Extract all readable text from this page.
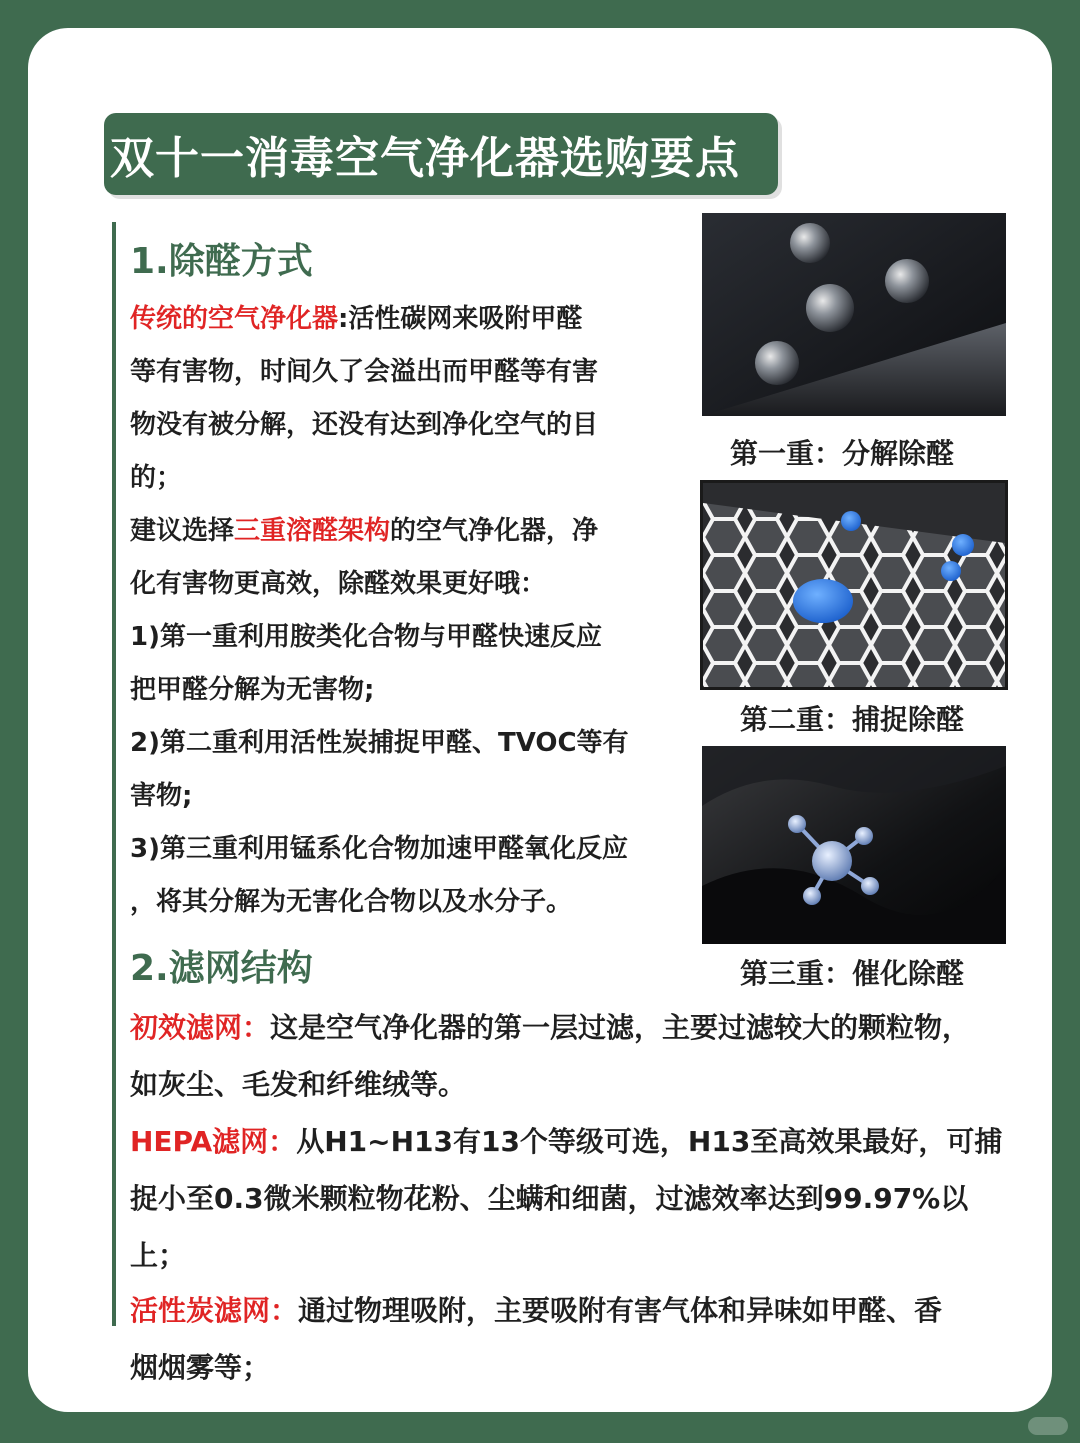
双十一消毒空气净化器选购要点
1.除醛方式
传统的空气净化器:活性碳网来吸附甲醛
等有害物，时间久了会溢出而甲醛等有害
物没有被分解，还没有达到净化空气的目
的；
建议选择三重溶醛架构的空气净化器，净
化有害物更高效，除醛效果更好哦：
1)第一重利用胺类化合物与甲醛快速反应
把甲醛分解为无害物;
2)第二重利用活性炭捕捉甲醛、TVOC等有
害物;
3)第三重利用锰系化合物加速甲醛氧化反应
，将其分解为无害化合物以及水分子。
第一重：分解除醛
第二重：捕捉除醛
第三重：催化除醛
2.滤网结构
初效滤网：这是空气净化器的第一层过滤，主要过滤较大的颗粒物，
如灰尘、毛发和纤维绒等。
HEPA滤网：从H1~H13有13个等级可选，H13至高效果最好，可捕
捉小至0.3微米颗粒物花粉、尘螨和细菌，过滤效率达到99.97%以
上；
活性炭滤网：通过物理吸附，主要吸附有害气体和异味如甲醛、香
烟烟雾等；
